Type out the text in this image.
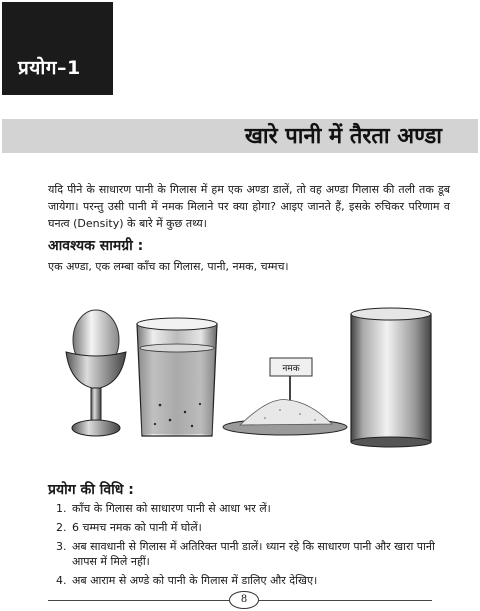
प्रयोग–1
खारे पानी में तैरता अण्डा

यदि पीने के साधारण पानी के गिलास में हम एक अण्डा डालें, तो वह अण्डा गिलास की तली तक डूब जायेगा। परन्तु उसी पानी में नमक मिलाने पर क्या होगा? आइए जानते हैं, इसके रुचिकर परिणाम व घनत्व (Density) के बारे में कुछ तथ्य।

आवश्यक सामग्री :

एक अण्डा, एक लम्बा काँच का गिलास, पानी, नमक, चम्मच।

नमक

प्रयोग की विधि :

1. काँच के गिलास को साधारण पानी से आधा भर लें।
2. 6 चम्मच नमक को पानी में घोलें।
3. अब सावधानी से गिलास में अतिरिक्त पानी डालें। ध्यान रहे कि साधारण पानी और खारा पानी आपस में मिले नहीं।
4. अब आराम से अण्डे को पानी के गिलास में डालिए और देखिए।
8
